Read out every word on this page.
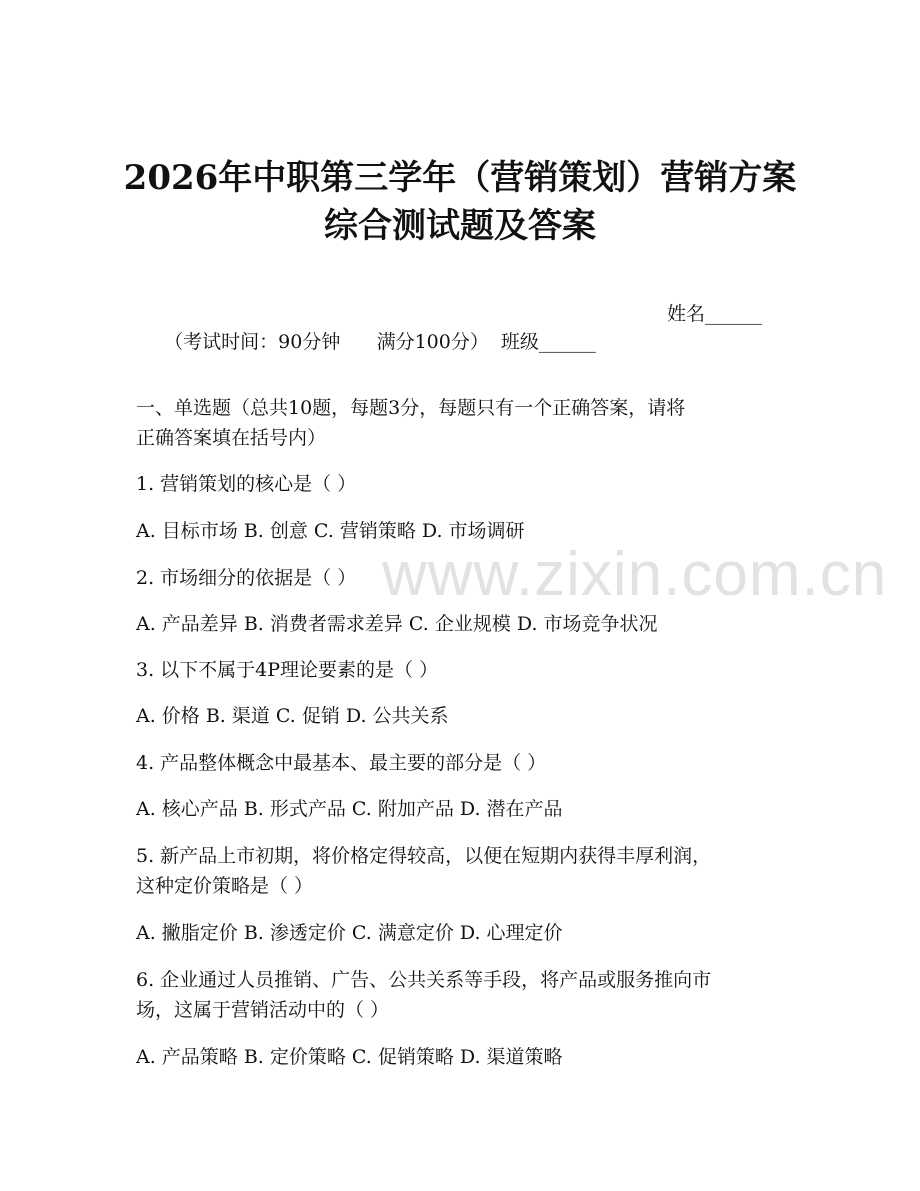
2026年中职第三学年（营销策划）营销方案
综合测试题及答案

（考试时间：90分钟      满分100分）  班级______

姓名______

一、单选题（总共10题，每题3分，每题只有一个正确答案，请将
正确答案填在括号内）
1. 营销策划的核心是（ ）
A. 目标市场 B. 创意 C. 营销策略 D. 市场调研
2. 市场细分的依据是（ ）
A. 产品差异 B. 消费者需求差异 C. 企业规模 D. 市场竞争状况
3. 以下不属于4P理论要素的是（ ）
A. 价格 B. 渠道 C. 促销 D. 公共关系
4. 产品整体概念中最基本、最主要的部分是（ ）
A. 核心产品 B. 形式产品 C. 附加产品 D. 潜在产品
5. 新产品上市初期，将价格定得较高，以便在短期内获得丰厚利润，
这种定价策略是（ ）
A. 撇脂定价 B. 渗透定价 C. 满意定价 D. 心理定价
6. 企业通过人员推销、广告、公共关系等手段，将产品或服务推向市
场，这属于营销活动中的（ ）
A. 产品策略 B. 定价策略 C. 促销策略 D. 渠道策略
www.zixin.com.cn
